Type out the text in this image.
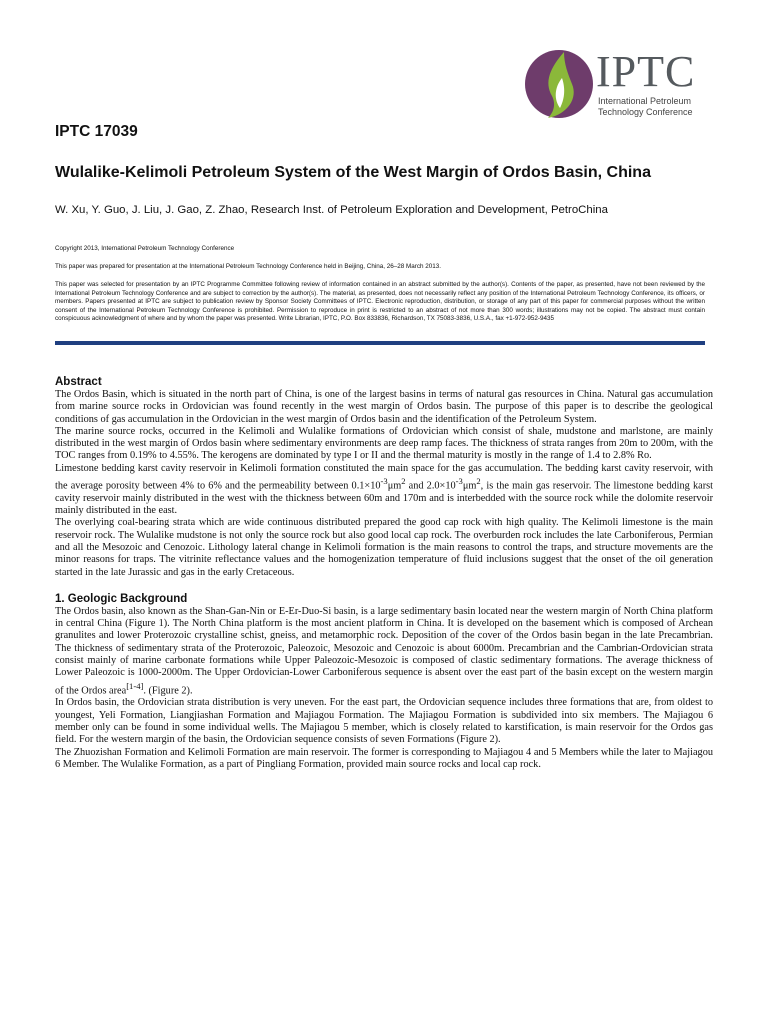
IPTC
International Petroleum
Technology Conference
IPTC 17039
Wulalike-Kelimoli Petroleum System of the West Margin of Ordos Basin, China
W. Xu, Y. Guo, J. Liu, J. Gao, Z. Zhao, Research Inst. of Petroleum Exploration and Development, PetroChina
Copyright 2013, International Petroleum Technology Conference
This paper was prepared for presentation at the International Petroleum Technology Conference held in Beijing, China, 26–28 March 2013.
This paper was selected for presentation by an IPTC Programme Committee following review of information contained in an abstract submitted by the author(s). Contents of the paper, as presented, have not been reviewed by the International Petroleum Technology Conference and are subject to correction by the author(s). The material, as presented, does not necessarily reflect any position of the International Petroleum Technology Conference, its officers, or members. Papers presented at IPTC are subject to publication review by Sponsor Society Committees of IPTC. Electronic reproduction, distribution, or storage of any part of this paper for commercial purposes without the written consent of the International Petroleum Technology Conference is prohibited. Permission to reproduce in print is restricted to an abstract of not more than 300 words; illustrations may not be copied. The abstract must contain conspicuous acknowledgment of where and by whom the paper was presented. Write Librarian, IPTC, P.O. Box 833836, Richardson, TX 75083-3836, U.S.A., fax +1-972-952-9435
Abstract

The Ordos Basin, which is situated in the north part of China, is one of the largest basins in terms of natural gas resources in China. Natural gas accumulation from marine source rocks in Ordovician was found recently in the west margin of Ordos basin. The purpose of this paper is to describe the geological conditions of gas accumulation in the Ordovician in the west margin of Ordos basin and the identification of the Petroleum System.

The marine source rocks, occurred in the Kelimoli and Wulalike formations of Ordovician which consist of shale, mudstone and marlstone, are mainly distributed in the west margin of Ordos basin where sedimentary environments are deep ramp faces. The thickness of strata ranges from 20m to 200m, with the TOC ranges from 0.19% to 4.55%. The kerogens are dominated by type I or II and the thermal maturity is mostly in the range of 1.4 to 2.8% Ro.

Limestone bedding karst cavity reservoir in Kelimoli formation constituted the main space for the gas accumulation. The bedding karst cavity reservoir, with the average porosity between 4% to 6% and the permeability between $0.1\times 10^{-3}\mu m^2$ and $2.0\times 10^{-3}\mu m^2$, is the main gas reservoir. The limestone bedding karst cavity reservoir mainly distributed in the west with the thickness between 60m and 170m and is interbedded with the source rock while the dolomite reservoir mainly distributed in the east.

The overlying coal-bearing strata which are wide continuous distributed prepared the good cap rock with high quality. The Kelimoli limestone is the main reservoir rock. The Wulalike mudstone is not only the source rock but also good local cap rock. The overburden rock includes the late Carboniferous, Permian and all the Mesozoic and Cenozoic. Lithology lateral change in Kelimoli formation is the main reasons to control the traps, and structure movements are the minor reasons for traps. The vitrinite reflectance values and the homogenization temperature of fluid inclusions suggest that the onset of the oil generation started in the late Jurassic and gas in the early Cretaceous.

1. Geologic Background

The Ordos basin, also known as the Shan-Gan-Nin or E-Er-Duo-Si basin, is a large sedimentary basin located near the western margin of North China platform in central China (Figure 1). The North China platform is the most ancient platform in China. It is developed on the basement which is composed of Archean granulites and lower Proterozoic crystalline schist, gneiss, and metamorphic rock. Deposition of the cover of the Ordos basin began in the late Precambrian. The thickness of sedimentary strata of the Proterozoic, Paleozoic, Mesozoic and Cenozoic is about 6000m. Precambrian and the Cambrian-Ordovician strata consist mainly of marine carbonate formations while Upper Paleozoic-Mesozoic is composed of clastic sedimentary formations. The average thickness of Lower Paleozoic is 1000-2000m. The Upper Ordovician-Lower Carboniferous sequence is absent over the east part of the basin except on the western margin of the Ordos area[1-4]. (Figure 2).

In Ordos basin, the Ordovician strata distribution is very uneven. For the east part, the Ordovician sequence includes three formations that are, from oldest to youngest, Yeli Formation, Liangjiashan Formation and Majiagou Formation. The Majiagou Formation is subdivided into six members. The Majiagou 6 member only can be found in some individual wells. The Majiagou 5 member, which is closely related to karstification, is main reservoir for the Ordos gas field. For the western margin of the basin, the Ordovician sequence consists of seven Formations (Figure 2).

The Zhuozishan Formation and Kelimoli Formation are main reservoir. The former is corresponding to Majiagou 4 and 5 Members while the later to Majiagou 6 Member. The Wulalike Formation, as a part of Pingliang Formation, provided main source rocks and local cap rock.
